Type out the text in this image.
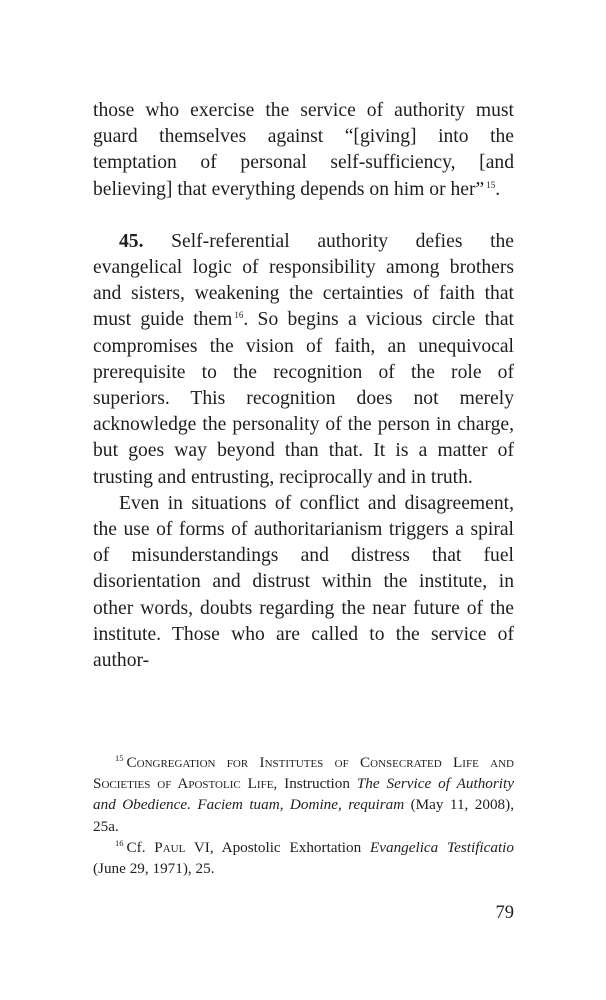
those who exercise the service of authority must guard themselves against “[giving] into the temptation of personal self-sufficiency, [and believing] that everything depends on him or her” $^{15}$.

45. Self-referential authority defies the evangelical logic of responsibility among brothers and sisters, weakening the certainties of faith that must guide them $^{16}$. So begins a vicious circle that compromises the vision of faith, an unequivocal prerequisite to the recognition of the role of superiors. This recognition does not merely acknowledge the personality of the person in charge, but goes way beyond than that. It is a matter of trusting and entrusting, reciprocally and in truth.

Even in situations of conflict and disagreement, the use of forms of authoritarianism triggers a spiral of misunderstandings and distress that fuel disorientation and distrust within the institute, in other words, doubts regarding the near future of the institute. Those who are called to the service of author-

$^{15}$ Congregation for Institutes of Consecrated Life and Societies of Apostolic Life, Instruction The Service of Authority and Obedience. Faciem tuam, Domine, requiram (May 11, 2008), 25a.

$^{16}$ Cf. Paul VI, Apostolic Exhortation Evangelica Testificatio (June 29, 1971), 25.

79
